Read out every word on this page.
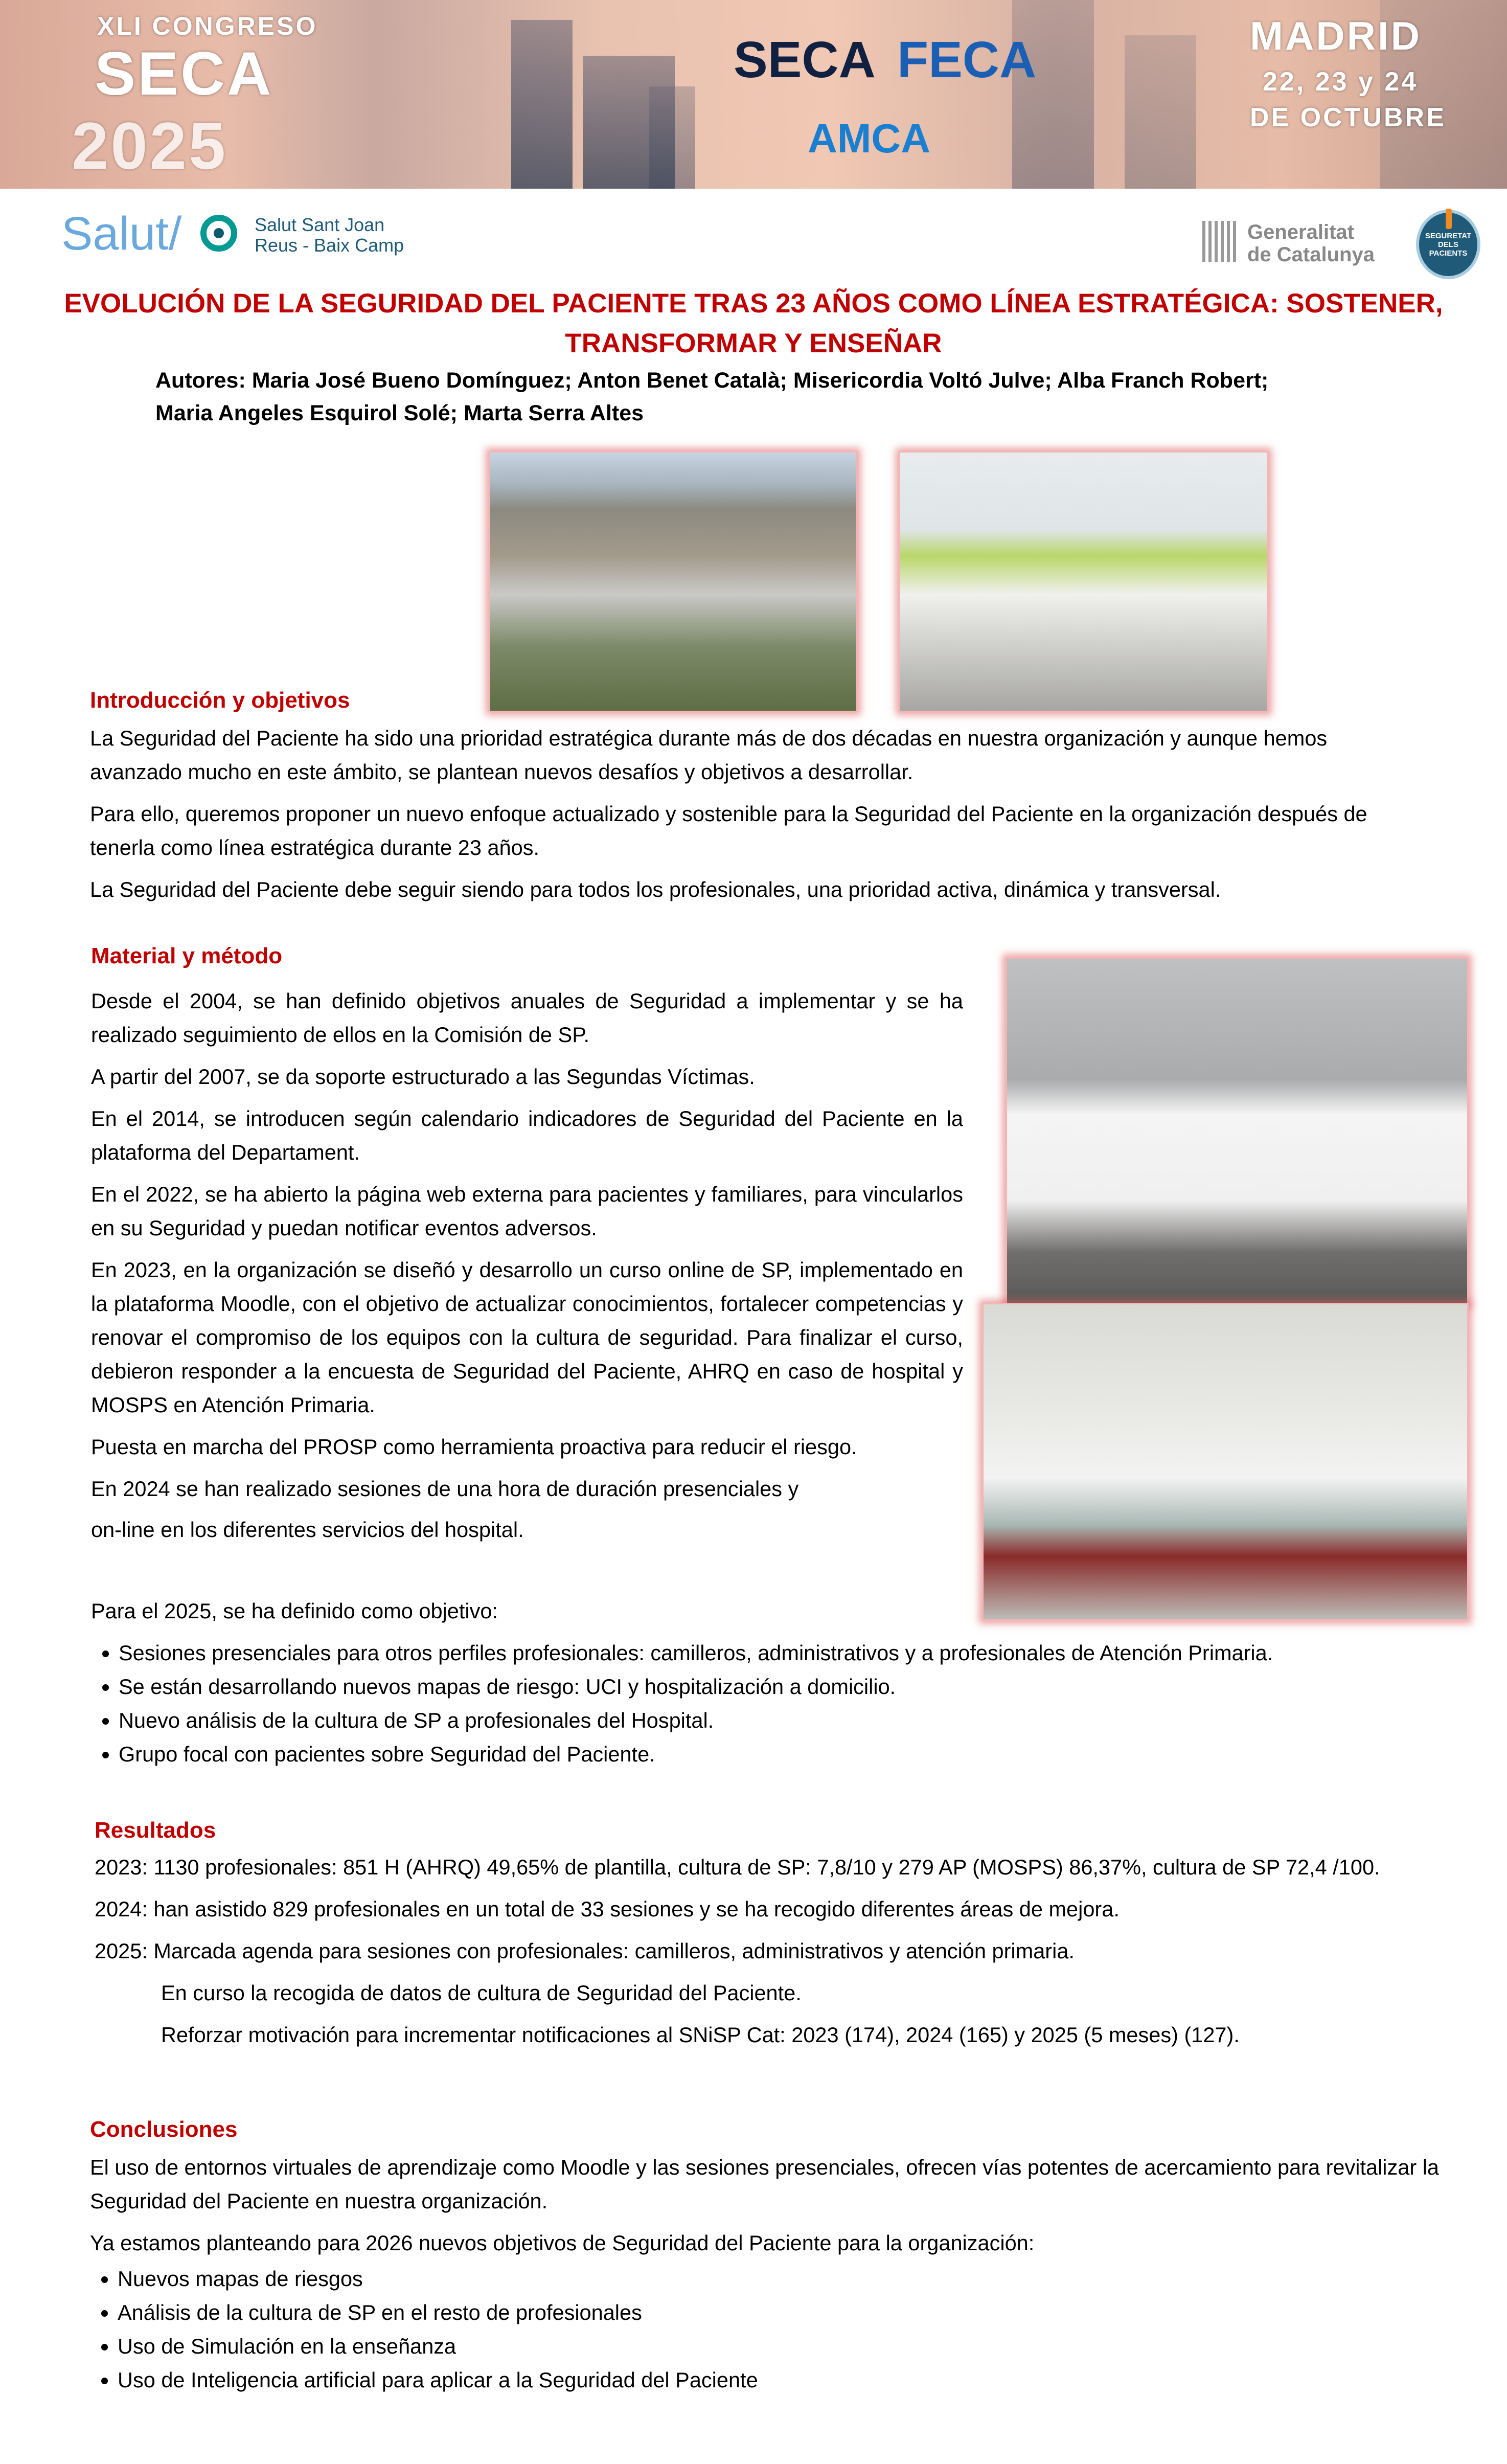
XLI CONGRESO
SECA
2025
SECA FECA
AMCA
MADRID
22, 23 y 24
DE OCTUBRE
Salut/	Salut Sant Joan
Reus - Baix Camp
Generalitat
de Catalunya
SEGURETAT DELS PACIENTS
EVOLUCIÓN DE LA SEGURIDAD DEL PACIENTE TRAS 23 AÑOS COMO LÍNEA ESTRATÉGICA: SOSTENER,
TRANSFORMAR Y ENSEÑAR
Autores: Maria José Bueno Domínguez; Anton Benet Català; Misericordia Voltó Julve; Alba Franch Robert;
Maria Angeles Esquirol Solé; Marta Serra Altes
Introducción y objetivos

La Seguridad del Paciente ha sido una prioridad estratégica durante más de dos décadas en nuestra organización y aunque hemos avanzado mucho en este ámbito, se plantean nuevos desafíos y objetivos a desarrollar.

Para ello, queremos proponer un nuevo enfoque actualizado y sostenible para la Seguridad del Paciente en la organización después de tenerla como línea estratégica durante 23 años.

La Seguridad del Paciente debe seguir siendo para todos los profesionales, una prioridad activa, dinámica y transversal.

Material y método

Desde el 2004, se han definido objetivos anuales de Seguridad a implementar y se ha realizado seguimiento de ellos en la Comisión de SP.

A partir del 2007, se da soporte estructurado a las Segundas Víctimas.

En el 2014, se introducen según calendario indicadores de Seguridad del Paciente en la plataforma del Departament.

En el 2022, se ha abierto la página web externa para pacientes y familiares, para vincularlos en su Seguridad y puedan notificar eventos adversos.

En 2023, en la organización se diseñó y desarrollo un curso online de SP, implementado en la plataforma Moodle, con el objetivo de actualizar conocimientos, fortalecer competencias y renovar el compromiso de los equipos con la cultura de seguridad. Para finalizar el curso, debieron responder a la encuesta de Seguridad del Paciente, AHRQ en caso de hospital y MOSPS en Atención Primaria.

Puesta en marcha del PROSP como herramienta proactiva para reducir el riesgo.

En 2024 se han realizado sesiones de una hora de duración presenciales y

on-line en los diferentes servicios del hospital.

Para el 2025, se ha definido como objetivo:

• Sesiones presenciales para otros perfiles profesionales: camilleros, administrativos y a profesionales de Atención Primaria.
• Se están desarrollando nuevos mapas de riesgo: UCI y hospitalización a domicilio.
• Nuevo análisis de la cultura de SP a profesionales del Hospital.
• Grupo focal con pacientes sobre Seguridad del Paciente.
Resultados

2023: 1130 profesionales: 851 H (AHRQ) 49,65% de plantilla, cultura de SP: 7,8/10 y 279 AP (MOSPS) 86,37%, cultura de SP 72,4 /100.

2024: han asistido 829 profesionales en un total de 33 sesiones y se ha recogido diferentes áreas de mejora.

2025: Marcada agenda para sesiones con profesionales: camilleros, administrativos y atención primaria.

En curso la recogida de datos de cultura de Seguridad del Paciente.

Reforzar motivación para incrementar notificaciones al SNiSP Cat: 2023 (174), 2024 (165) y 2025 (5 meses) (127).

Conclusiones

El uso de entornos virtuales de aprendizaje como Moodle y las sesiones presenciales, ofrecen vías potentes de acercamiento para revitalizar la Seguridad del Paciente en nuestra organización.

Ya estamos planteando para 2026 nuevos objetivos de Seguridad del Paciente para la organización:

• Nuevos mapas de riesgos
• Análisis de la cultura de SP en el resto de profesionales
• Uso de Simulación en la enseñanza
• Uso de Inteligencia artificial para aplicar a la Seguridad del Paciente
